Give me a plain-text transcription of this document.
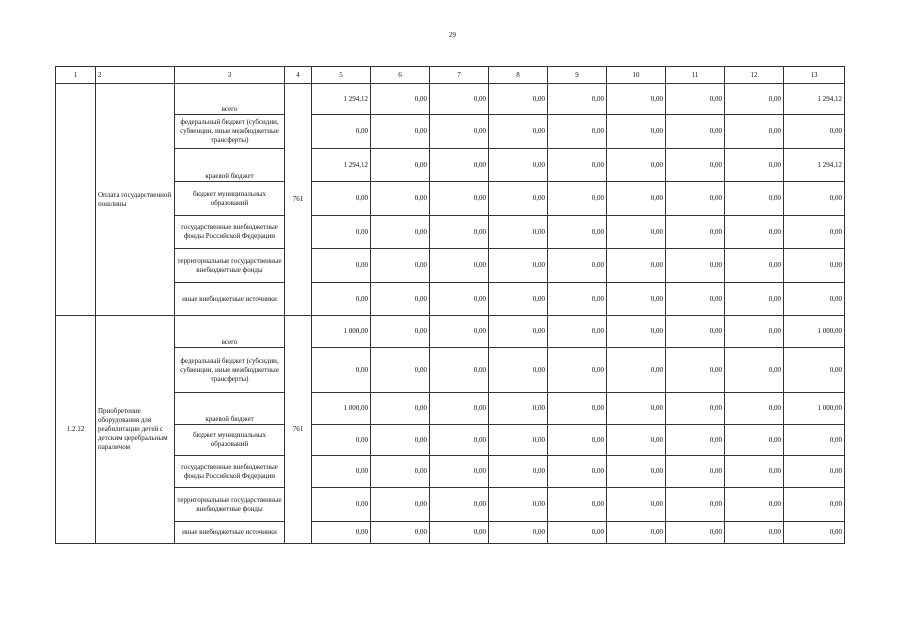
29
1	2	3	4	5	6	7	8	9	10	11	12	13
	Оплата государственной пошлины	всего	761	1 294,12	0,00	0,00	0,00	0,00	0,00	0,00	0,00	1 294,12
		федеральный бюджет (субсидии, субвенции, иные межбюджетные трансферты)		0,00	0,00	0,00	0,00	0,00	0,00	0,00	0,00	0,00
		краевой бюджет		1 294,12	0,00	0,00	0,00	0,00	0,00	0,00	0,00	1 294,12
		бюджет муниципальных образований		0,00	0,00	0,00	0,00	0,00	0,00	0,00	0,00	0,00
		государственные внебюджетные фонды Российской Федерации		0,00	0,00	0,00	0,00	0,00	0,00	0,00	0,00	0,00
		территориальные государственные внебюджетные фонды		0,00	0,00	0,00	0,00	0,00	0,00	0,00	0,00	0,00
		иные внебюджетные источники		0,00	0,00	0,00	0,00	0,00	0,00	0,00	0,00	0,00
1.2.12	Приобретение оборудования для реабилитации детей с детским церебральным параличом	всего	761	1 000,00	0,00	0,00	0,00	0,00	0,00	0,00	0,00	1 000,00
		федеральный бюджет (субсидии, субвенции, иные межбюджетные трансферты)		0,00	0,00	0,00	0,00	0,00	0,00	0,00	0,00	0,00
		краевой бюджет		1 000,00	0,00	0,00	0,00	0,00	0,00	0,00	0,00	1 000,00
		бюджет муниципальных образований		0,00	0,00	0,00	0,00	0,00	0,00	0,00	0,00	0,00
		государственные внебюджетные фонды Российской Федерации		0,00	0,00	0,00	0,00	0,00	0,00	0,00	0,00	0,00
		территориальные государственные внебюджетные фонды		0,00	0,00	0,00	0,00	0,00	0,00	0,00	0,00	0,00
		иные внебюджетные источники		0,00	0,00	0,00	0,00	0,00	0,00	0,00	0,00	0,00
